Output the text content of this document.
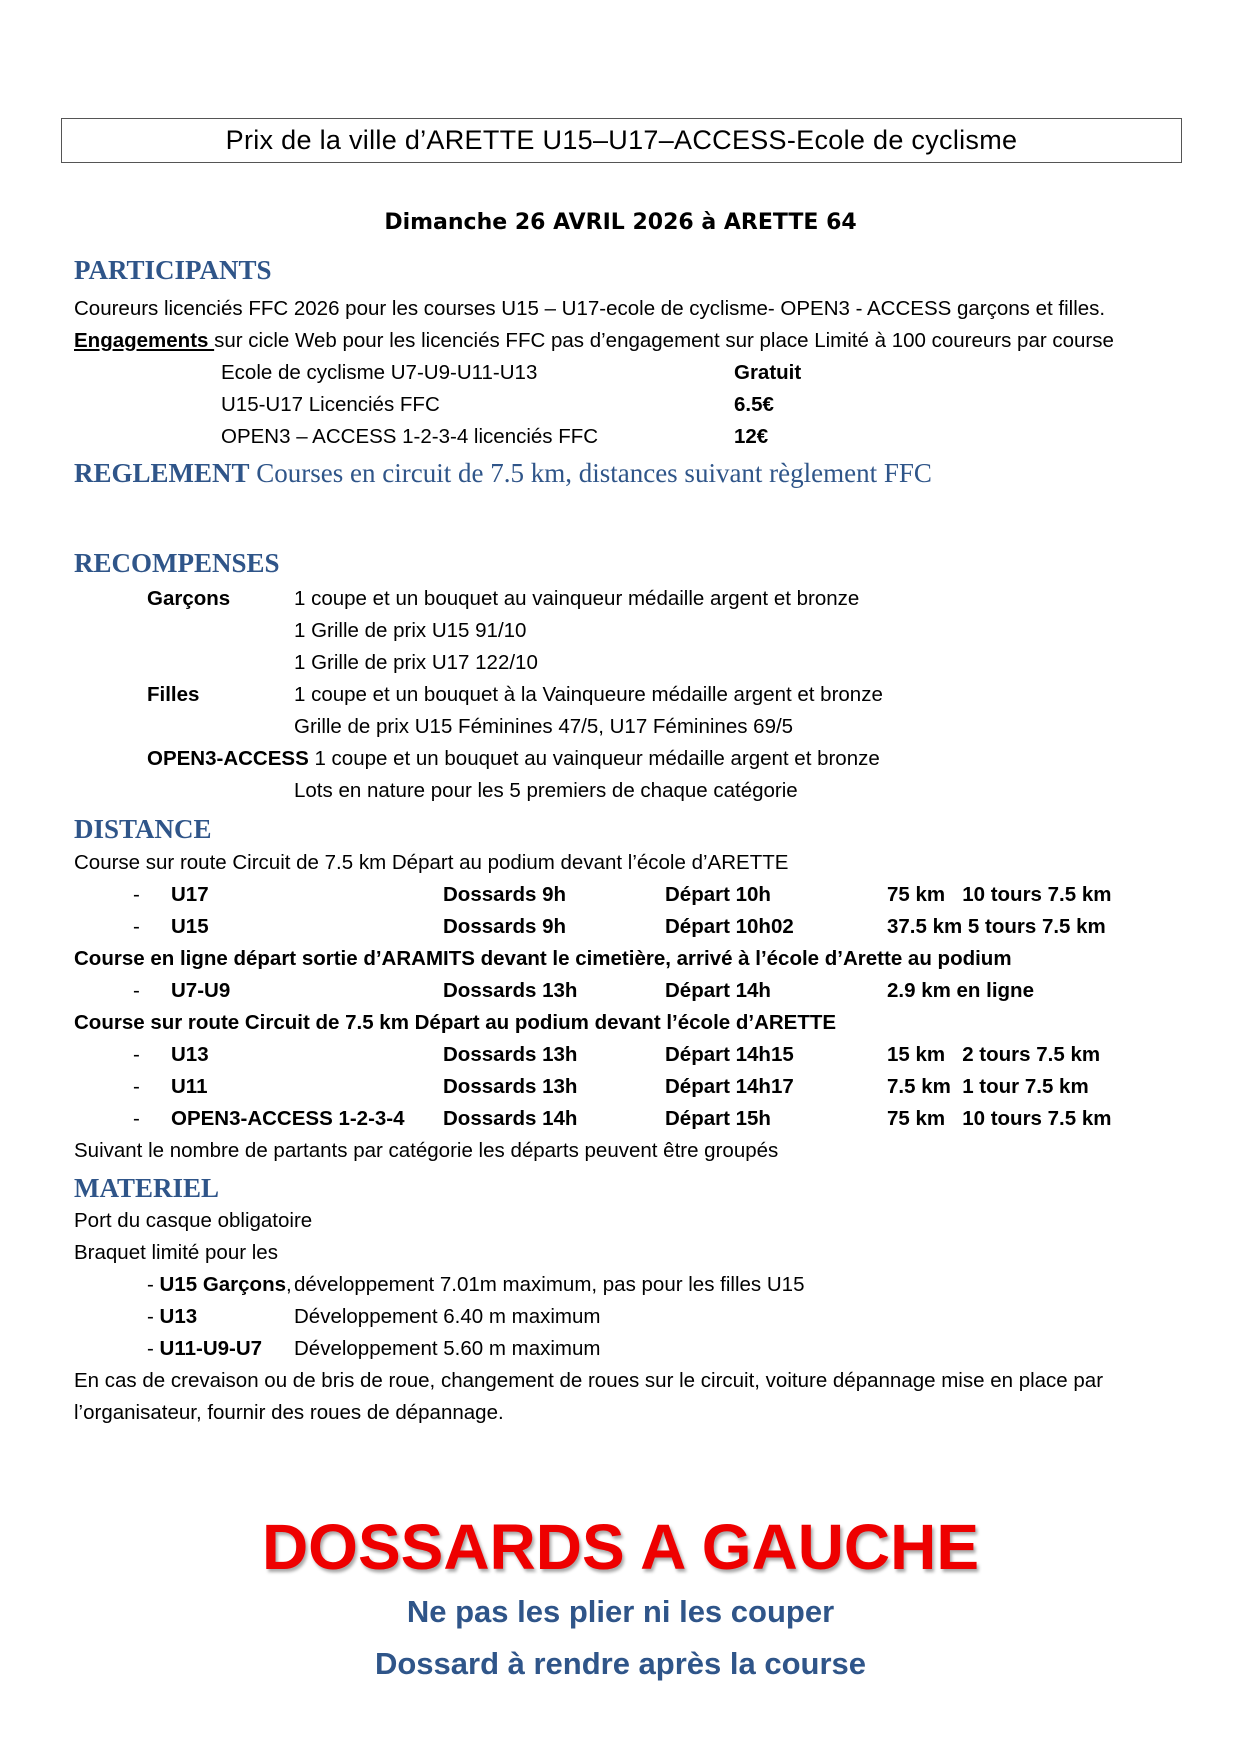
Prix de la ville d’ARETTE U15–U17–ACCESS-Ecole de cyclisme
Dimanche 26 AVRIL 2026 à ARETTE 64
PARTICIPANTS
Coureurs licenciés FFC 2026 pour les courses U15 – U17-ecole de cyclisme- OPEN3 - ACCESS garçons et filles.
Engagements sur cicle Web pour les licenciés FFC pas d’engagement sur place Limité à 100 coureurs par course
Ecole de cyclisme U7-U9-U11-U13	Gratuit
U15-U17 Licenciés FFC	6.5€
OPEN3 – ACCESS 1-2-3-4 licenciés FFC	12€
REGLEMENT Courses en circuit de 7.5 km, distances suivant règlement FFC
RECOMPENSES
Garçons	1 coupe et un bouquet au vainqueur médaille argent et bronze
1 Grille de prix U15 91/10
1 Grille de prix U17 122/10
Filles	1 coupe et un bouquet à la Vainqueure médaille argent et bronze
Grille de prix U15 Féminines 47/5, U17 Féminines 69/5
OPEN3-ACCESS 1 coupe et un bouquet au vainqueur médaille argent et bronze
Lots en nature pour les 5 premiers de chaque catégorie
DISTANCE
Course sur route Circuit de 7.5 km Départ au podium devant l’école d’ARETTE
- U17	Dossards 9h	Départ 10h	75 km   10 tours 7.5 km
- U15	Dossards 9h	Départ 10h02	37.5 km 5 tours 7.5 km
Course en ligne départ sortie d’ARAMITS devant le cimetière, arrivé à l’école d’Arette au podium
- U7-U9	Dossards 13h	Départ 14h	2.9 km en ligne
Course sur route Circuit de 7.5 km Départ au podium devant l’école d’ARETTE
- U13	Dossards 13h	Départ 14h15	15 km   2 tours 7.5 km
- U11	Dossards 13h	Départ 14h17	7.5 km  1 tour 7.5 km
- OPEN3-ACCESS 1-2-3-4 Dossards 14h	Départ 15h	75 km   10 tours 7.5 km
Suivant le nombre de partants par catégorie les départs peuvent être groupés
MATERIEL
Port du casque obligatoire
Braquet limité pour les
- U15 Garçons, développement 7.01m maximum, pas pour les filles U15
- U13	Développement 6.40 m maximum
- U11-U9-U7 Développement 5.60 m maximum
En cas de crevaison ou de bris de roue, changement de roues sur le circuit, voiture dépannage mise en place par
l’organisateur, fournir des roues de dépannage.
DOSSARDS A GAUCHE
Ne pas les plier ni les couper
Dossard à rendre après la course
